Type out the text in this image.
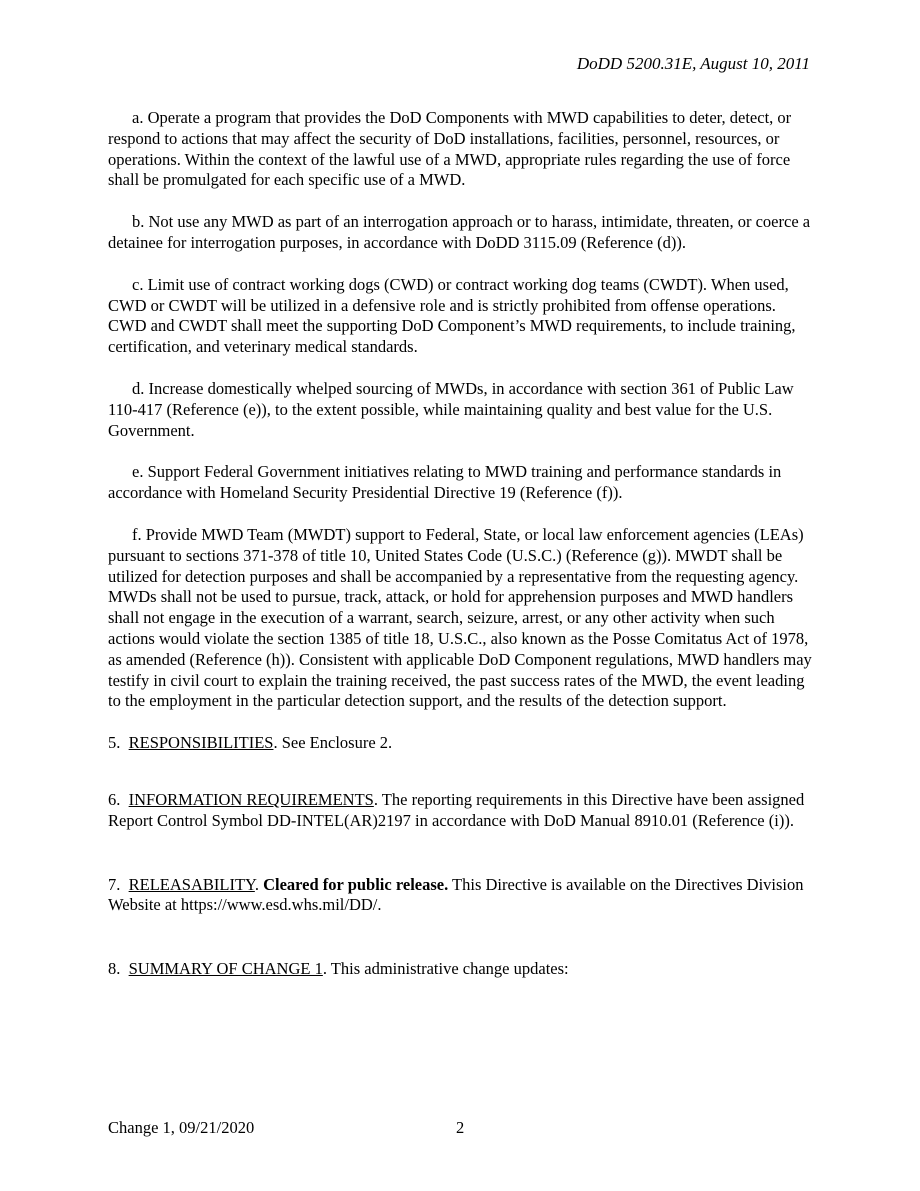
DoDD 5200.31E, August 10, 2011

a. Operate a program that provides the DoD Components with MWD capabilities to deter, detect, or respond to actions that may affect the security of DoD installations, facilities, personnel, resources, or operations. Within the context of the lawful use of a MWD, appropriate rules regarding the use of force shall be promulgated for each specific use of a MWD.

b. Not use any MWD as part of an interrogation approach or to harass, intimidate, threaten, or coerce a detainee for interrogation purposes, in accordance with DoDD 3115.09 (Reference (d)).

c. Limit use of contract working dogs (CWD) or contract working dog teams (CWDT). When used, CWD or CWDT will be utilized in a defensive role and is strictly prohibited from offense operations. CWD and CWDT shall meet the supporting DoD Component’s MWD requirements, to include training, certification, and veterinary medical standards.

d. Increase domestically whelped sourcing of MWDs, in accordance with section 361 of Public Law 110-417 (Reference (e)), to the extent possible, while maintaining quality and best value for the U.S. Government.

e. Support Federal Government initiatives relating to MWD training and performance standards in accordance with Homeland Security Presidential Directive 19 (Reference (f)).

f. Provide MWD Team (MWDT) support to Federal, State, or local law enforcement agencies (LEAs) pursuant to sections 371-378 of title 10, United States Code (U.S.C.) (Reference (g)). MWDT shall be utilized for detection purposes and shall be accompanied by a representative from the requesting agency. MWDs shall not be used to pursue, track, attack, or hold for apprehension purposes and MWD handlers shall not engage in the execution of a warrant, search, seizure, arrest, or any other activity when such actions would violate the section 1385 of title 18, U.S.C., also known as the Posse Comitatus Act of 1978, as amended (Reference (h)). Consistent with applicable DoD Component regulations, MWD handlers may testify in civil court to explain the training received, the past success rates of the MWD, the event leading to the employment in the particular detection support, and the results of the detection support.

5. RESPONSIBILITIES. See Enclosure 2.

6. INFORMATION REQUIREMENTS. The reporting requirements in this Directive have been assigned Report Control Symbol DD-INTEL(AR)2197 in accordance with DoD Manual 8910.01 (Reference (i)).

7. RELEASABILITY. Cleared for public release. This Directive is available on the Directives Division Website at https://www.esd.whs.mil/DD/.

8. SUMMARY OF CHANGE 1. This administrative change updates:

Change 1, 09/21/2020	2
